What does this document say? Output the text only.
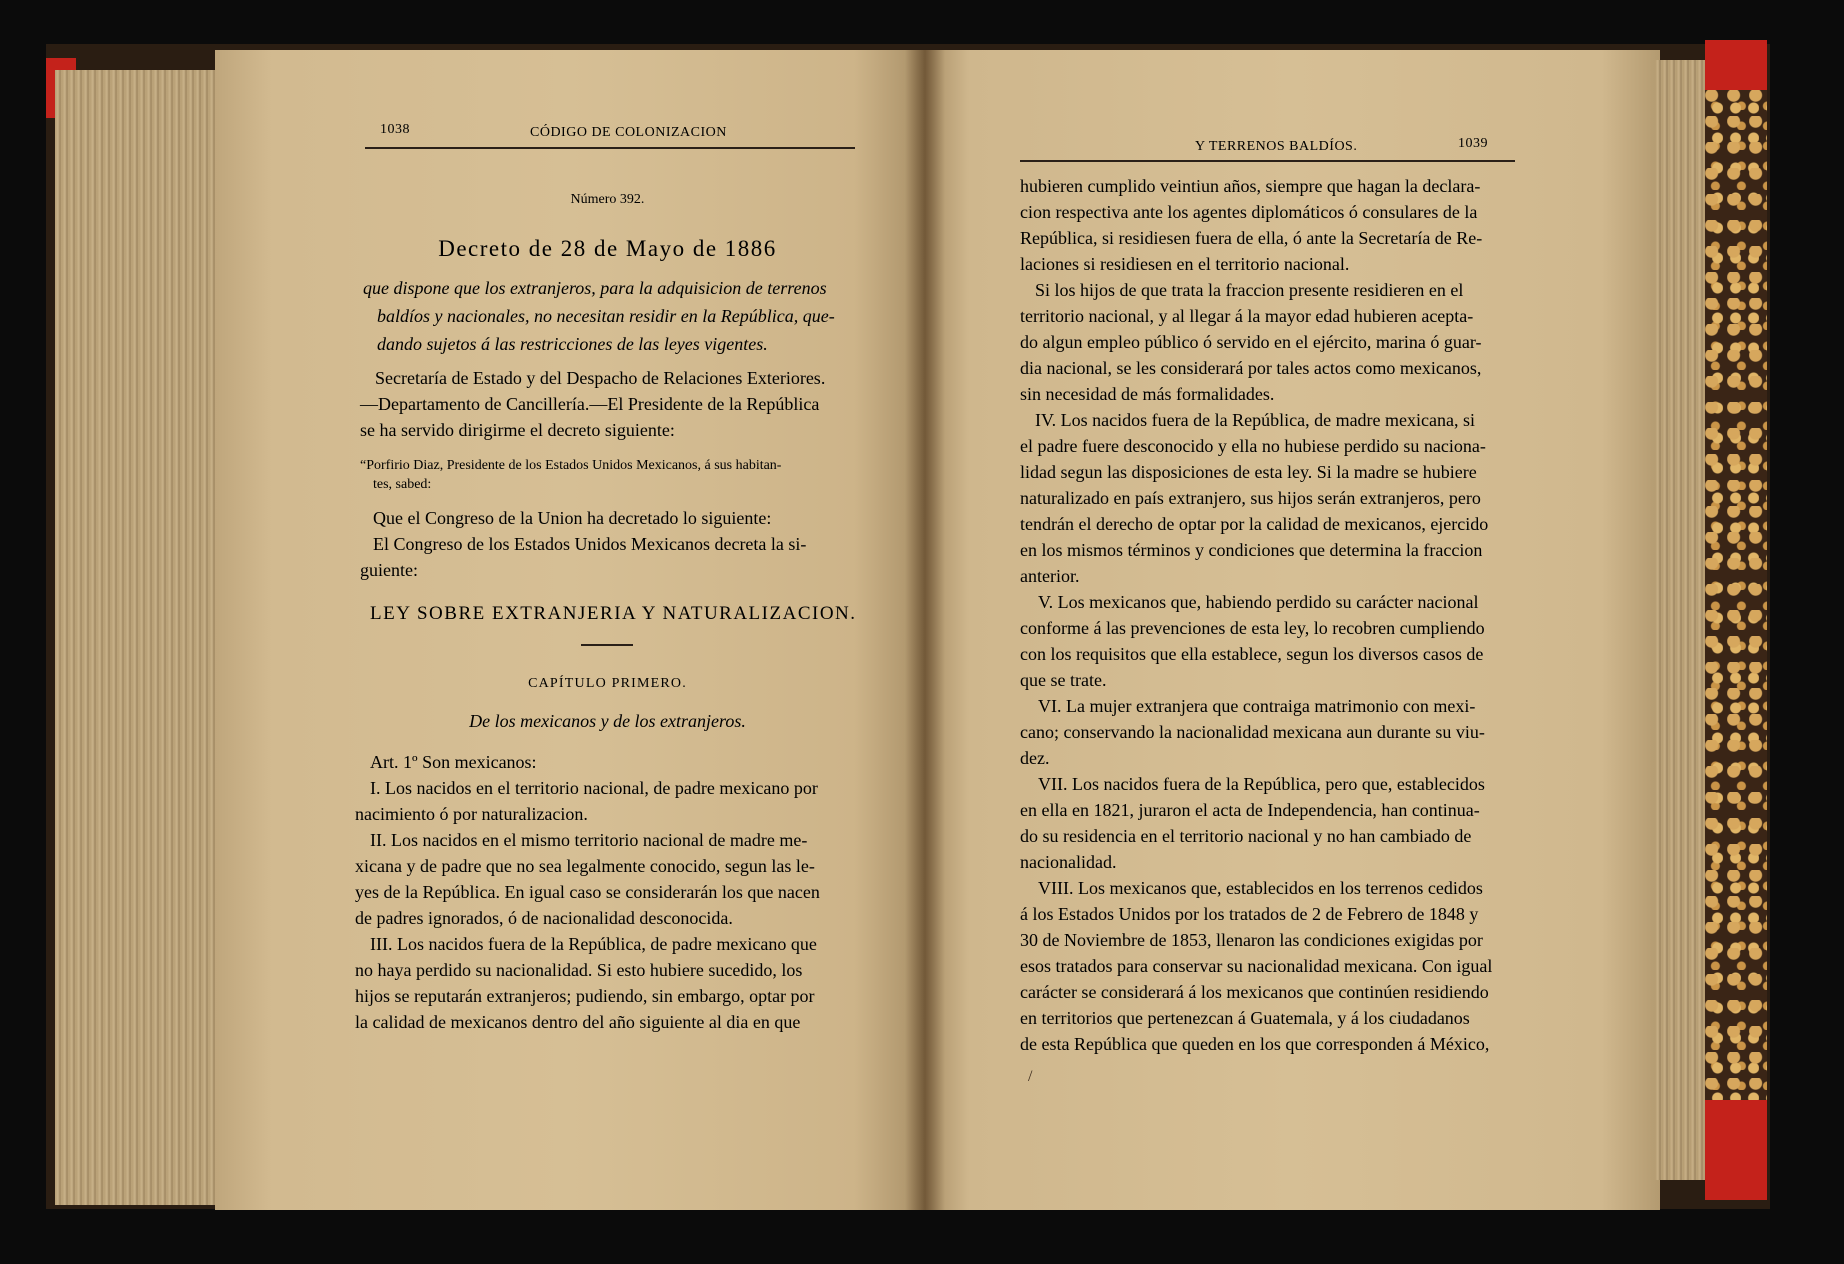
1038	CÓDIGO DE COLONIZACION
Número 392.
Decreto de 28 de Mayo de 1886
que dispone que los extranjeros, para la adquisicion de terrenos
baldíos y nacionales, no necesitan residir en la República, que-
dando sujetos á las restricciones de las leyes vigentes.
Secretaría de Estado y del Despacho de Relaciones Exteriores.
—Departamento de Cancillería.—El Presidente de la República
se ha servido dirigirme el decreto siguiente:
“Porfirio Diaz, Presidente de los Estados Unidos Mexicanos, á sus habitan-
tes, sabed:
Que el Congreso de la Union ha decretado lo siguiente:
El Congreso de los Estados Unidos Mexicanos decreta la si-
guiente:
LEY SOBRE EXTRANJERIA Y NATURALIZACION.
CAPÍTULO PRIMERO.
De los mexicanos y de los extranjeros.
Art. 1º Son mexicanos:
I. Los nacidos en el territorio nacional, de padre mexicano por
nacimiento ó por naturalizacion.
II. Los nacidos en el mismo territorio nacional de madre me-
xicana y de padre que no sea legalmente conocido, segun las le-
yes de la República. En igual caso se considerarán los que nacen
de padres ignorados, ó de nacionalidad desconocida.
III. Los nacidos fuera de la República, de padre mexicano que
no haya perdido su nacionalidad. Si esto hubiere sucedido, los
hijos se reputarán extranjeros; pudiendo, sin embargo, optar por
la calidad de mexicanos dentro del año siguiente al dia en que
Y TERRENOS BALDÍOS.	1039
hubieren cumplido veintiun años, siempre que hagan la declara-
cion respectiva ante los agentes diplomáticos ó consulares de la
República, si residiesen fuera de ella, ó ante la Secretaría de Re-
laciones si residiesen en el territorio nacional.
Si los hijos de que trata la fraccion presente residieren en el
territorio nacional, y al llegar á la mayor edad hubieren acepta-
do algun empleo público ó servido en el ejército, marina ó guar-
dia nacional, se les considerará por tales actos como mexicanos,
sin necesidad de más formalidades.
IV. Los nacidos fuera de la República, de madre mexicana, si
el padre fuere desconocido y ella no hubiese perdido su naciona-
lidad segun las disposiciones de esta ley. Si la madre se hubiere
naturalizado en país extranjero, sus hijos serán extranjeros, pero
tendrán el derecho de optar por la calidad de mexicanos, ejercido
en los mismos términos y condiciones que determina la fraccion
anterior.
V. Los mexicanos que, habiendo perdido su carácter nacional
conforme á las prevenciones de esta ley, lo recobren cumpliendo
con los requisitos que ella establece, segun los diversos casos de
que se trate.
VI. La mujer extranjera que contraiga matrimonio con mexi-
cano; conservando la nacionalidad mexicana aun durante su viu-
dez.
VII. Los nacidos fuera de la República, pero que, establecidos
en ella en 1821, juraron el acta de Independencia, han continua-
do su residencia en el territorio nacional y no han cambiado de
nacionalidad.
VIII. Los mexicanos que, establecidos en los terrenos cedidos
á los Estados Unidos por los tratados de 2 de Febrero de 1848 y
30 de Noviembre de 1853, llenaron las condiciones exigidas por
esos tratados para conservar su nacionalidad mexicana. Con igual
carácter se considerará á los mexicanos que continúen residiendo
en territorios que pertenezcan á Guatemala, y á los ciudadanos
de esta República que queden en los que corresponden á México,
/
